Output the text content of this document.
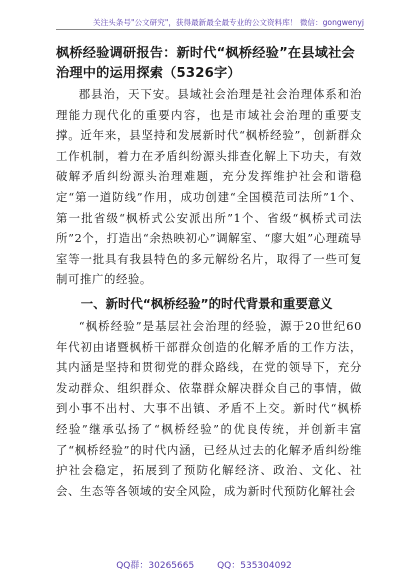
关注头条号"公文研究"，获得最新最全最专业的公文资料库！ 微信：gongwenyj

枫桥经验调研报告：新时代“枫桥经验”在县域社会治理中的运用探索（5326字）

郡县治，天下安。县域社会治理是社会治理体系和治理能力现代化的重要内容，也是市域社会治理的重要支撑。近年来，县坚持和发展新时代“枫桥经验”，创新群众工作机制，着力在矛盾纠纷源头排查化解上下功夫，有效破解矛盾纠纷源头治理难题，充分发挥维护社会和谐稳定“第一道防线”作用，成功创建“全国模范司法所”1个、第一批省级“枫桥式公安派出所”1个、省级“枫桥式司法所”2个，打造出“余热映初心”调解室、“廖大姐”心理疏导室等一批具有我县特色的多元解纷名片，取得了一些可复制可推广的经验。

一、新时代“枫桥经验”的时代背景和重要意义

“枫桥经验”是基层社会治理的经验，源于20世纪60年代初由诸暨枫桥干部群众创造的化解矛盾的工作方法，其内涵是坚持和贯彻党的群众路线，在党的领导下，充分发动群众、组织群众、依靠群众解决群众自己的事情，做到小事不出村、大事不出镇、矛盾不上交。新时代“枫桥经验”继承弘扬了“枫桥经验”的优良传统，并创新丰富了“枫桥经验”的时代内涵，已经从过去的化解矛盾纠纷维护社会稳定，拓展到了预防化解经济、政治、文化、社会、生态等各领域的安全风险，成为新时代预防化解社会

QQ群：30265665	QQ：535304092
